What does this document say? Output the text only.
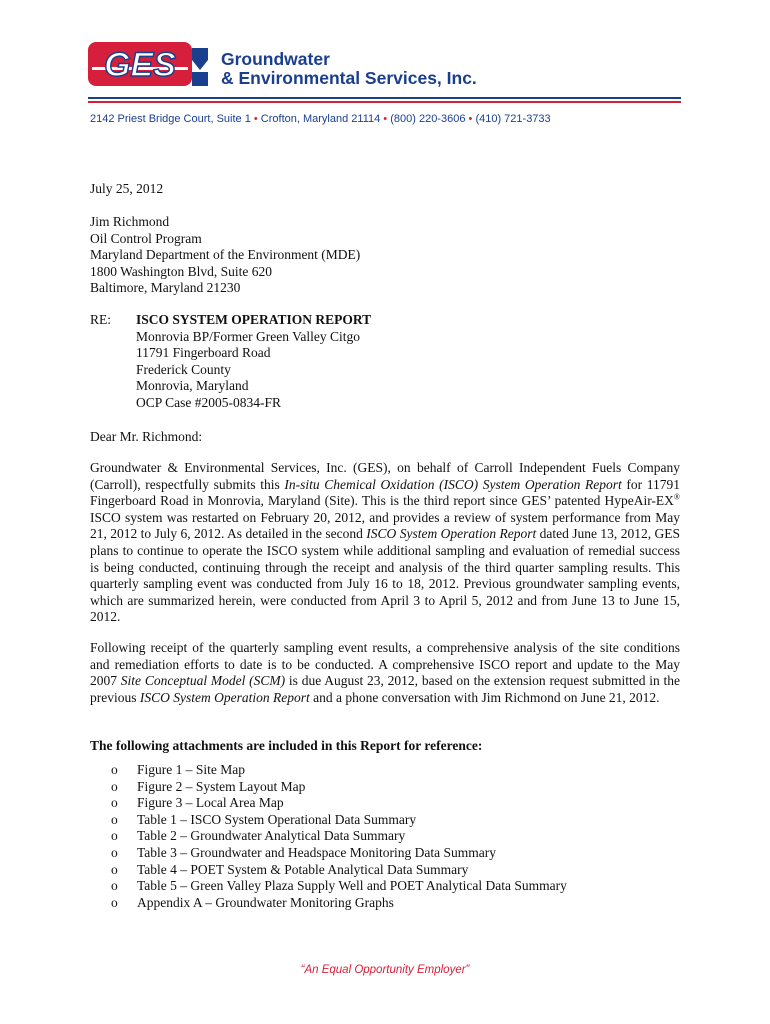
GES	Groundwater
& Environmental Services, Inc.
2142 Priest Bridge Court, Suite 1 • Crofton, Maryland 21114 • (800) 220-3606 • (410) 721-3733
July 25, 2012
Jim Richmond
Oil Control Program
Maryland Department of the Environment (MDE)
1800 Washington Blvd, Suite 620
Baltimore, Maryland 21230
RE: ISCO SYSTEM OPERATION REPORT
Monrovia BP/Former Green Valley Citgo
11791 Fingerboard Road
Frederick County
Monrovia, Maryland
OCP Case #2005-0834-FR
Dear Mr. Richmond:
Groundwater & Environmental Services, Inc. (GES), on behalf of Carroll Independent Fuels Company (Carroll), respectfully submits this In-situ Chemical Oxidation (ISCO) System Operation Report for 11791 Fingerboard Road in Monrovia, Maryland (Site). This is the third report since GES’ patented HypeAir-EX® ISCO system was restarted on February 20, 2012, and provides a review of system performance from May 21, 2012 to July 6, 2012. As detailed in the second ISCO System Operation Report dated June 13, 2012, GES plans to continue to operate the ISCO system while additional sampling and evaluation of remedial success is being conducted, continuing through the receipt and analysis of the third quarter sampling results. This quarterly sampling event was conducted from July 16 to 18, 2012. Previous groundwater sampling events, which are summarized herein, were conducted from April 3 to April 5, 2012 and from June 13 to June 15, 2012.
Following receipt of the quarterly sampling event results, a comprehensive analysis of the site conditions and remediation efforts to date is to be conducted. A comprehensive ISCO report and update to the May 2007 Site Conceptual Model (SCM) is due August 23, 2012, based on the extension request submitted in the previous ISCO System Operation Report and a phone conversation with Jim Richmond on June 21, 2012.
The following attachments are included in this Report for reference:
o	Figure 1 – Site Map
o	Figure 2 – System Layout Map
o	Figure 3 – Local Area Map
o	Table 1 – ISCO System Operational Data Summary
o	Table 2 – Groundwater Analytical Data Summary
o	Table 3 – Groundwater and Headspace Monitoring Data Summary
o	Table 4 – POET System & Potable Analytical Data Summary
o	Table 5 – Green Valley Plaza Supply Well and POET Analytical Data Summary
o	Appendix A – Groundwater Monitoring Graphs
“An Equal Opportunity Employer”
